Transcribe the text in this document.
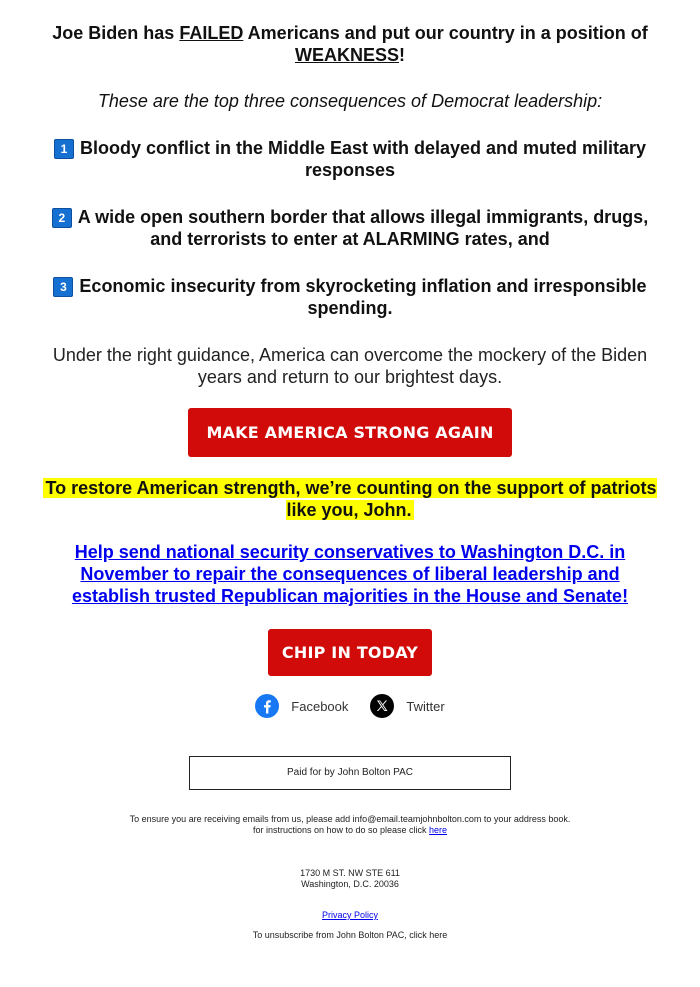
Joe Biden has FAILED Americans and put our country in a position of WEAKNESS!
These are the top three consequences of Democrat leadership:
1 Bloody conflict in the Middle East with delayed and muted military responses
2 A wide open southern border that allows illegal immigrants, drugs, and terrorists to enter at ALARMING rates, and
3 Economic insecurity from skyrocketing inflation and irresponsible spending.
Under the right guidance, America can overcome the mockery of the Biden years and return to our brightest days.
MAKE AMERICA STRONG AGAIN
To restore American strength, we’re counting on the support of patriots like you, John.
Help send national security conservatives to Washington D.C. in November to repair the consequences of liberal leadership and establish trusted Republican majorities in the House and Senate!
CHIP IN TODAY
Facebook	Twitter
Paid for by John Bolton PAC
To ensure you are receiving emails from us, please add info@email.teamjohnbolton.com to your address book.
for instructions on how to do so please click here
1730 M ST. NW STE 611
Washington, D.C. 20036
Privacy Policy
To unsubscribe from John Bolton PAC, click here
